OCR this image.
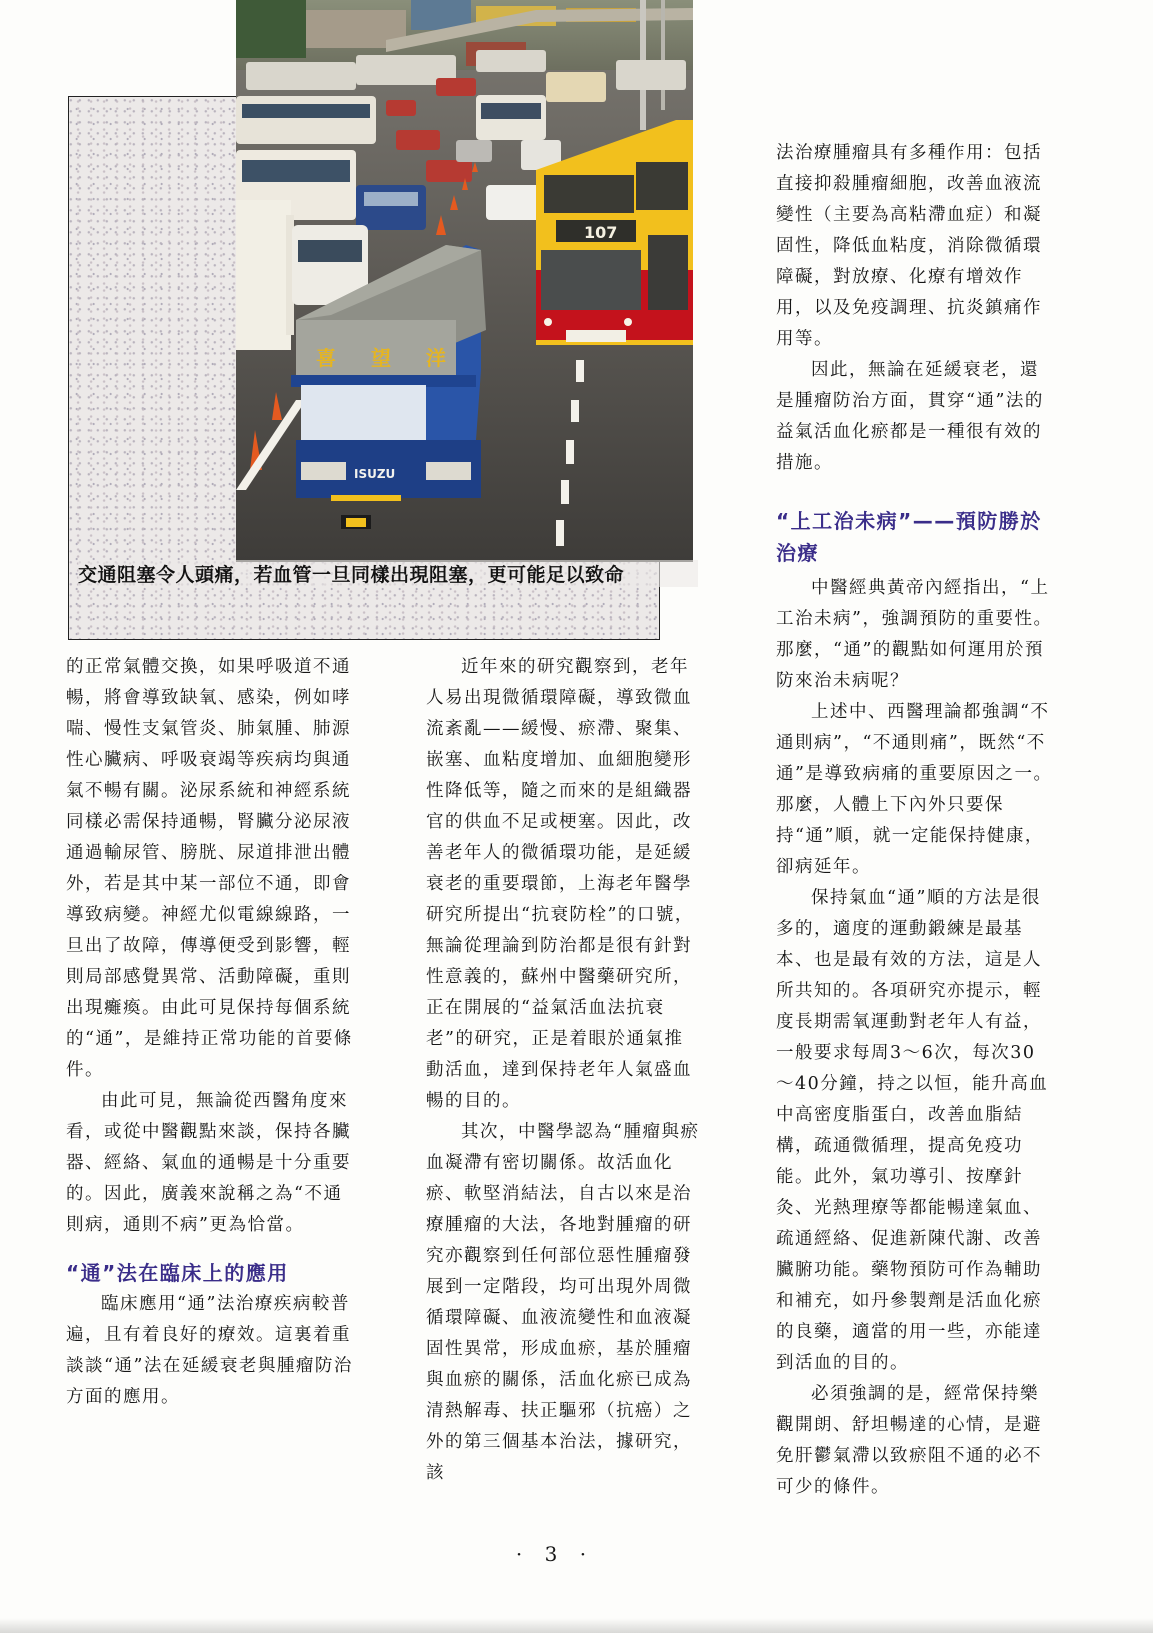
107
ISUZU
喜 望 洋
交通阻塞令人頭痛，若血管一旦同樣出現阻塞，更可能足以致命

的正常氣體交換，如果呼吸道不通暢，將會導致缺氧、感染，例如哮喘、慢性支氣管炎、肺氣腫、肺源性心臟病、呼吸衰竭等疾病均與通氣不暢有關。泌尿系統和神經系統同樣必需保持通暢，腎臟分泌尿液通過輸尿管、膀胱、尿道排泄出體外，若是其中某一部位不通，即會導致病變。神經尤似電線線路，一旦出了故障，傳導便受到影響，輕則局部感覺異常、活動障礙，重則出現癱瘓。由此可見保持每個系統的“通”，是維持正常功能的首要條件。

由此可見，無論從西醫角度來看，或從中醫觀點來談，保持各臟器、經絡、氣血的通暢是十分重要的。因此，廣義來說稱之為“不通則病，通則不病”更為恰當。

“通”法在臨床上的應用

臨床應用“通”法治療疾病較普遍，且有着良好的療效。這裏着重談談“通”法在延緩衰老與腫瘤防治方面的應用。

近年來的研究觀察到，老年人易出現微循環障礙，導致微血流紊亂——緩慢、瘀滯、聚集、嵌塞、血粘度增加、血細胞變形性降低等，隨之而來的是組織器官的供血不足或梗塞。因此，改善老年人的微循環功能，是延緩衰老的重要環節，上海老年醫學研究所提出“抗衰防栓”的口號，無論從理論到防治都是很有針對性意義的，蘇州中醫藥研究所，正在開展的“益氣活血法抗衰老”的研究，正是着眼於通氣推動活血，達到保持老年人氣盛血暢的目的。

其次，中醫學認為“腫瘤與瘀血凝滯有密切關係。故活血化瘀、軟堅消結法，自古以來是治療腫瘤的大法，各地對腫瘤的研究亦觀察到任何部位惡性腫瘤發展到一定階段，均可出現外周微循環障礙、血液流變性和血液凝固性異常，形成血瘀，基於腫瘤與血瘀的關係，活血化瘀已成為清熱解毒、扶正驅邪（抗癌）之外的第三個基本治法，據研究，該

法治療腫瘤具有多種作用：包括直接抑殺腫瘤細胞，改善血液流變性（主要為高粘滯血症）和凝固性，降低血粘度，消除微循環障礙，對放療、化療有增效作用，以及免疫調理、抗炎鎮痛作用等。

因此，無論在延緩衰老，還是腫瘤防治方面，貫穿“通”法的益氣活血化瘀都是一種很有效的措施。

“上工治未病”——預防勝於治療

中醫經典黃帝內經指出，“上工治未病”，強調預防的重要性。那麼，“通”的觀點如何運用於預防來治未病呢？

上述中、西醫理論都強調“不通則病”，“不通則痛”，既然“不通”是導致病痛的重要原因之一。那麼，人體上下內外只要保持“通”順，就一定能保持健康，卻病延年。

保持氣血“通”順的方法是很多的，適度的運動鍛練是最基本、也是最有效的方法，這是人所共知的。各項研究亦提示，輕度長期需氧運動對老年人有益，一般要求每周3～6次，每次30～40分鐘，持之以恒，能升高血中高密度脂蛋白，改善血脂結構，疏通微循理，提高免疫功能。此外，氣功導引、按摩針灸、光熱理療等都能暢達氣血、疏通經絡、促進新陳代謝、改善臟腑功能。藥物預防可作為輔助和補充，如丹參製劑是活血化瘀的良藥，適當的用一些，亦能達到活血的目的。

必須強調的是，經常保持樂觀開朗、舒坦暢達的心情，是避免肝鬱氣滯以致瘀阻不通的必不可少的條件。

· 3 ·
